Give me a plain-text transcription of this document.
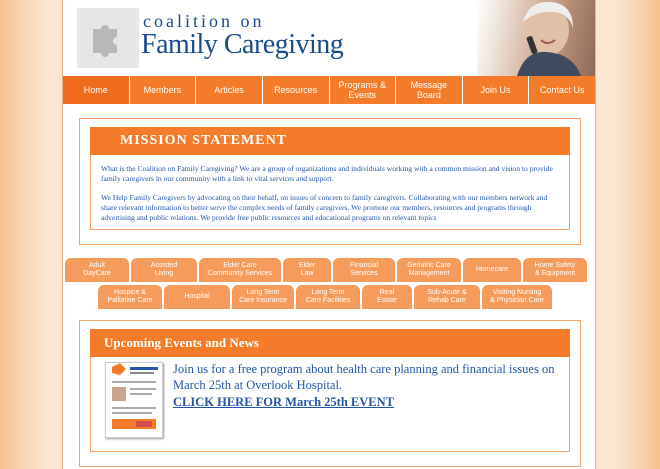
coalition on
Family Caregiving
Home	Members	Articles	Resources	Programs &
Events
Message
Board	Join Us	Contact Us
MISSION STATEMENT

What is the Coalition on Family Caregiving? We are a group of organizations and individuals working with a common mission and vision to provide family caregivers in our community with a link to vital services and support.

We Help Family Caregivers by advocating on their behalf, on issues of concern to family caregivers. Collaborating with our members network and share relevant information to better serve the complex needs of family caregivers. We promote our members, resources and programs through advertising and public relations. We provide free public resources and educational programs on relevant topics

Adult
DayCare
Assisted
Living
Elder Care
Community Services
Elder
Law
Financial
Services
Geriatric Care
Management
Homecare
Home Safety
& Equipment
Hospice &
Palliative Care
Hospital
Long Term
Care Insurance
Long Term
Care Facilities
Real
Estate
Sub-Acute &
Rehab Care
Visiting Nursing
& Physician Care
Upcoming Events and News
Join us for a free program about health care planning and financial issues on March 25th at Overlook Hospital.
CLICK HERE FOR March 25th EVENT
